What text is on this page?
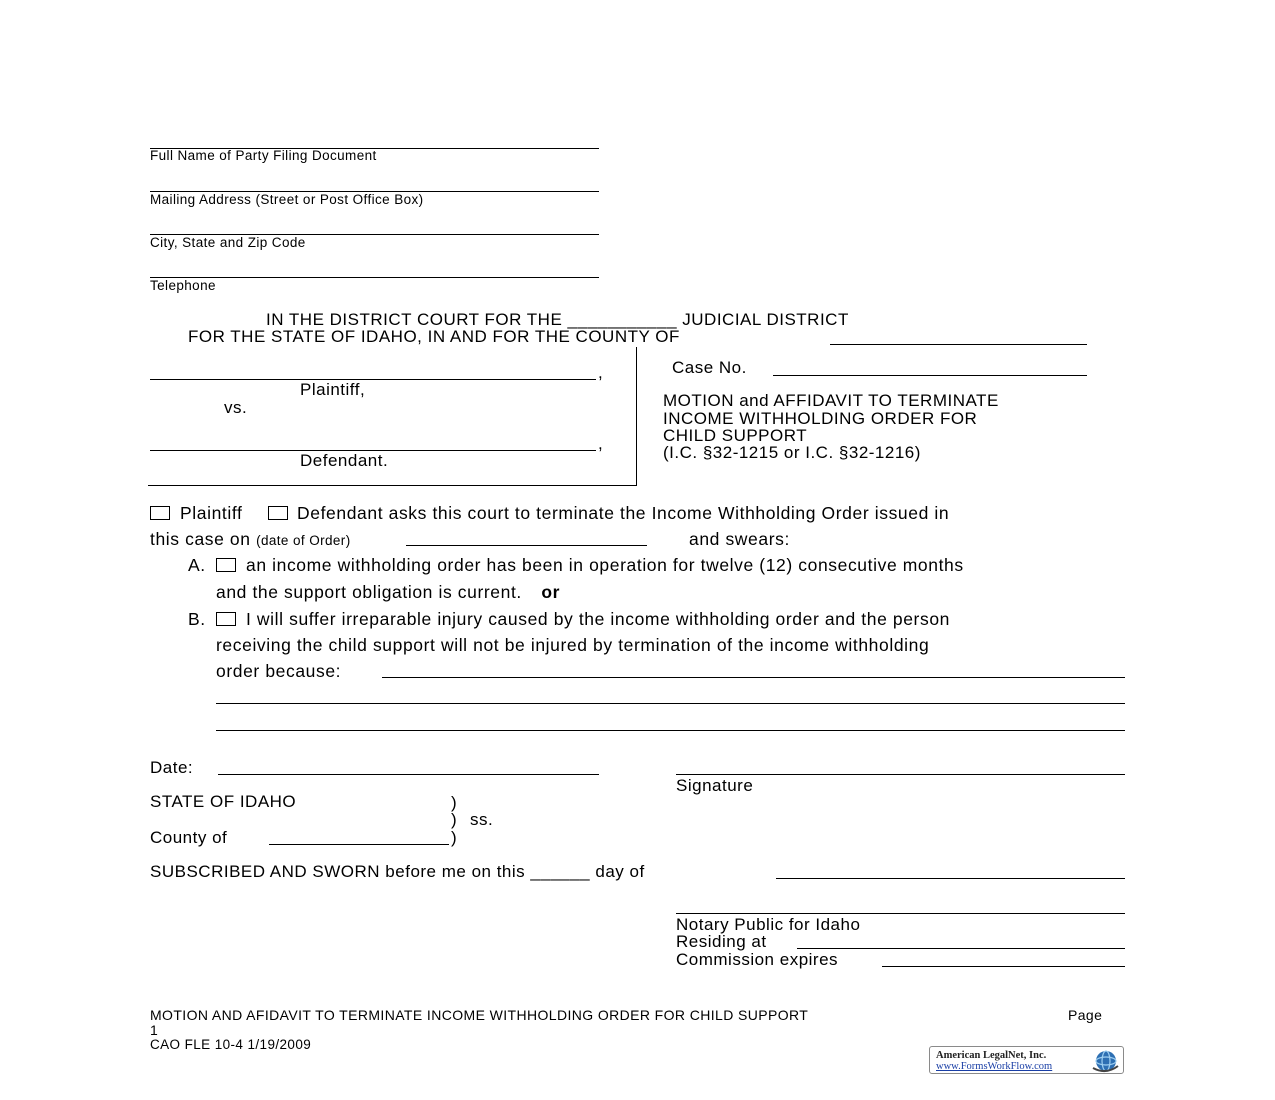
Full Name of Party Filing Document
Mailing Address (Street or Post Office Box)
City, State and Zip Code
Telephone
IN THE DISTRICT COURT FOR THE ___________ JUDICIAL DISTRICT
FOR THE STATE OF IDAHO, IN AND FOR THE COUNTY OF
,
Plaintiff,
vs.
,
Defendant.
Case No.
MOTION and AFFIDAVIT TO TERMINATE
INCOME WITHHOLDING ORDER FOR
CHILD SUPPORT
(I.C. §32-1215 or I.C. §32-1216)
Plaintiff	Defendant asks this court to terminate the Income Withholding Order issued in
this case on (date of Order)	and swears:
A. an income withholding order has been in operation for twelve (12) consecutive months
and the support obligation is current. or
B. I will suffer irreparable injury caused by the income withholding order and the person
receiving the child support will not be injured by termination of the income withholding
order because:
Date:
Signature
STATE OF IDAHO	)
) ss.
County of	)
SUBSCRIBED AND SWORN before me on this ______ day of
Notary Public for Idaho
Residing at
Commission expires
MOTION AND AFIDAVIT TO TERMINATE INCOME WITHHOLDING ORDER FOR CHILD SUPPORT	Page
1
CAO FLE 10-4 1/19/2009
American LegalNet, Inc.
www.FormsWorkFlow.com
